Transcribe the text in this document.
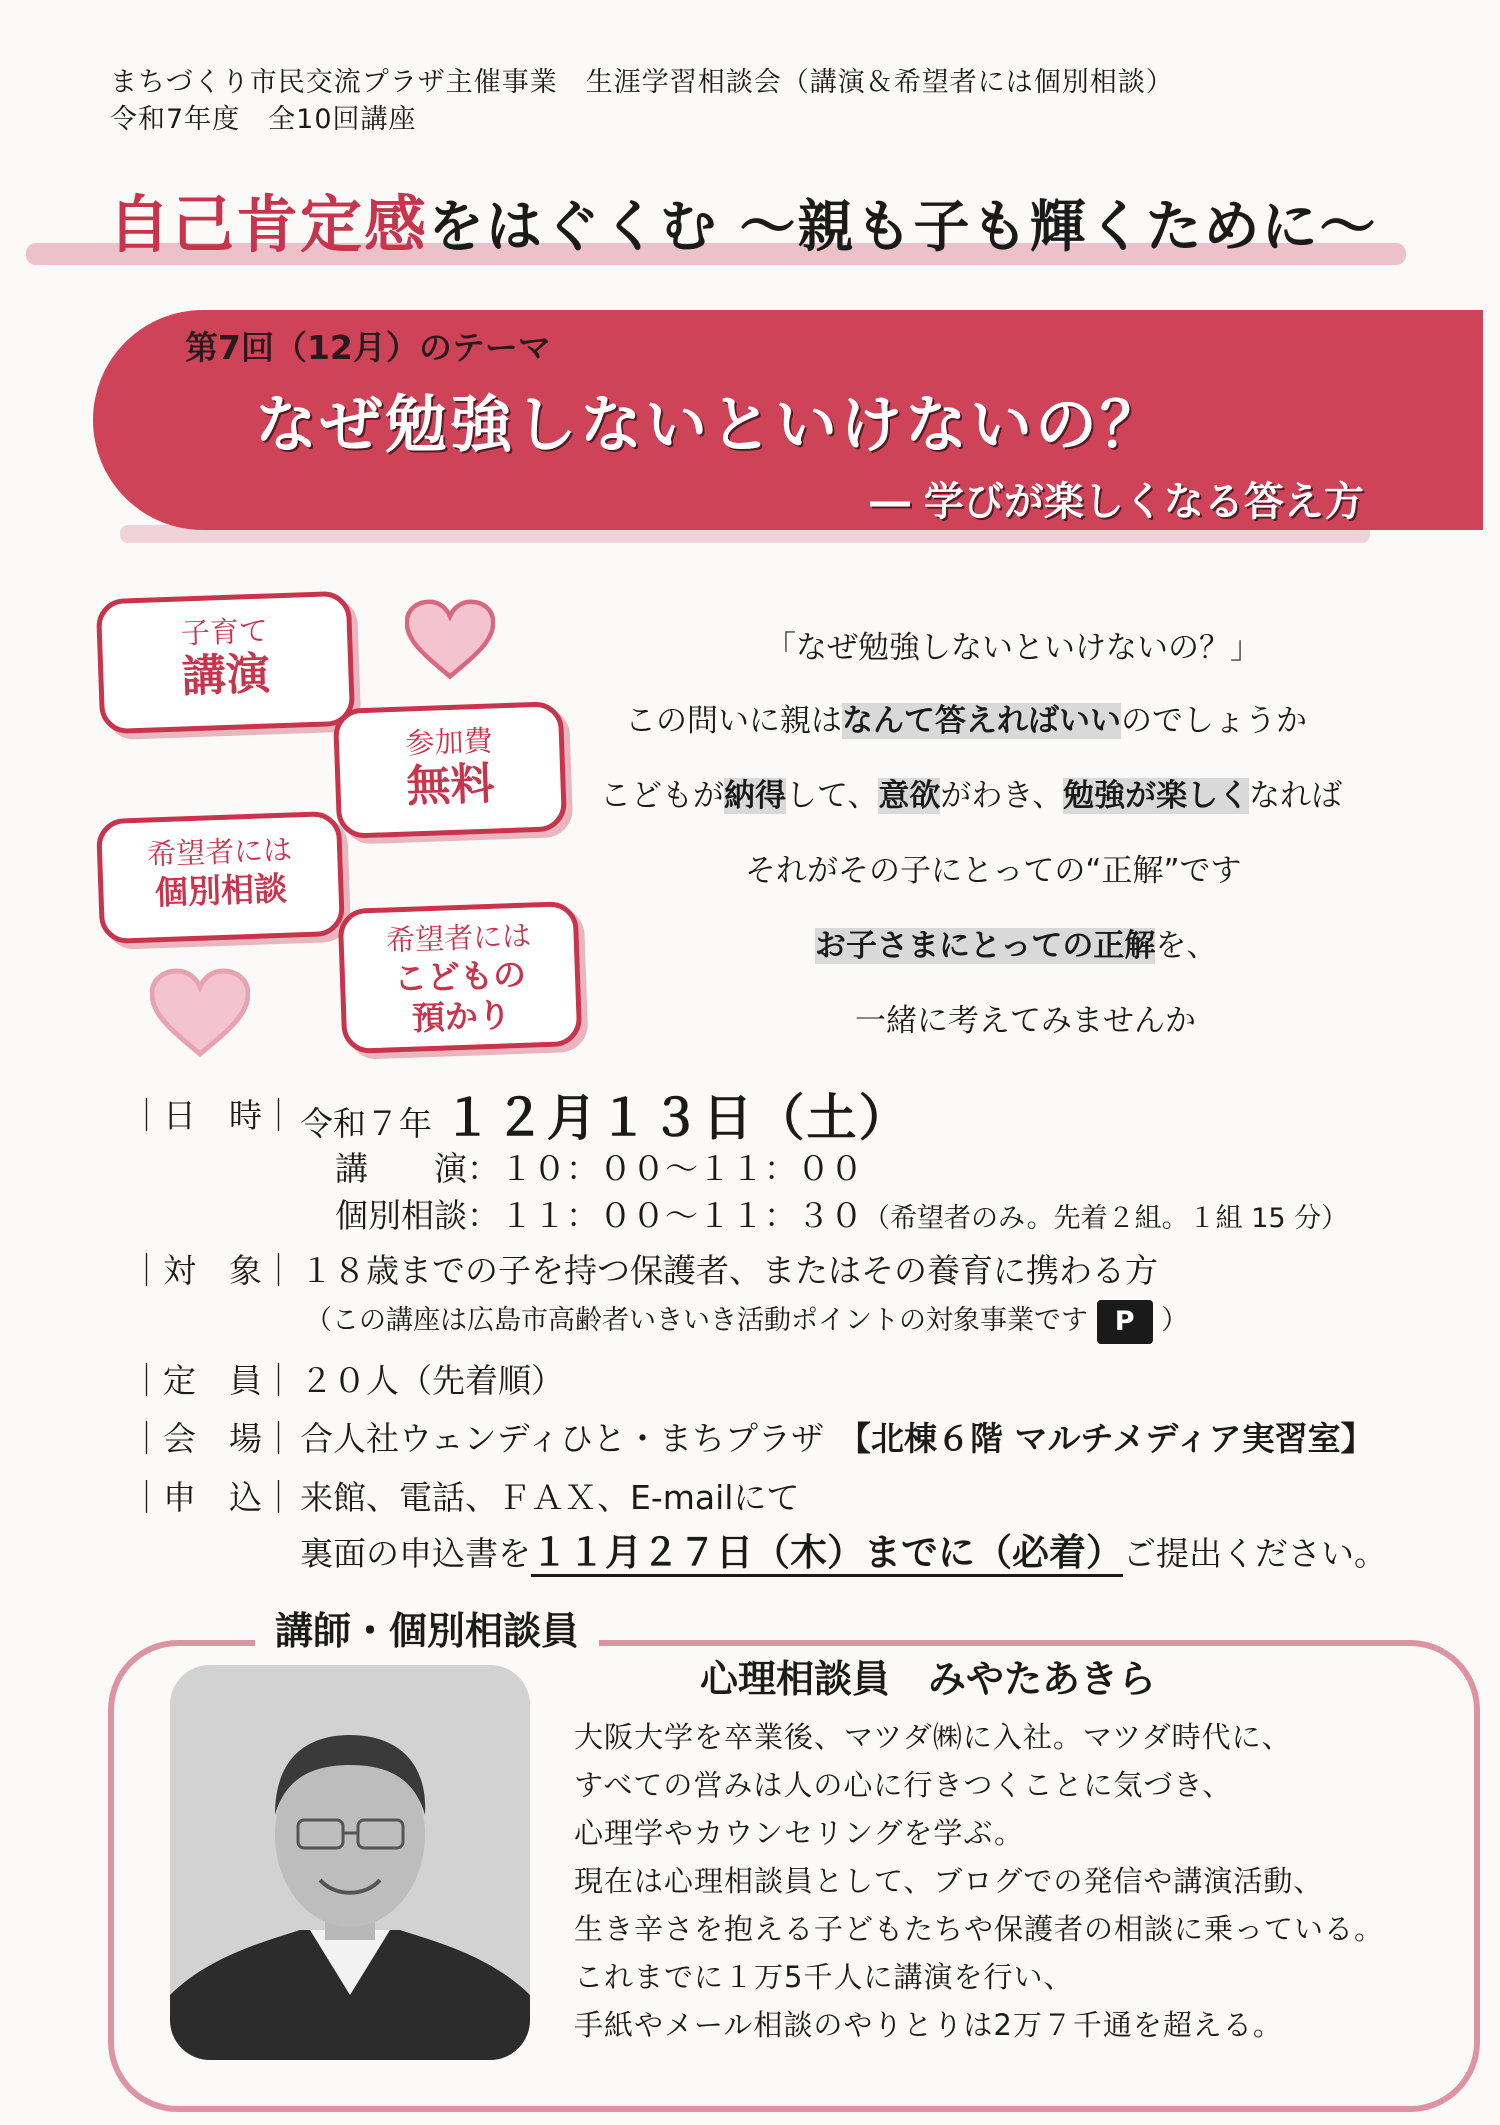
まちづくり市民交流プラザ主催事業　生涯学習相談会（講演＆希望者には個別相談）
令和7年度　全10回講座
自己肯定感をはぐくむ ～親も子も輝くために～
第7回（12月）のテーマ
なぜ勉強しないといけないの？
― 学びが楽しくなる答え方
子育て
講演
参加費
無料
希望者には
個別相談
希望者には
こどもの
預かり
「なぜ勉強しないといけないの？」
この問いに親はなんて答えればいいのでしょうか
こどもが納得して、意欲がわき、勉強が楽しくなれば
それがその子にとっての“正解”です
お子さまにとっての正解を、
一緒に考えてみませんか
｜日　時｜ 令和７年 １２月１３日（土）
講　　演：１０：００～１１：００
個別相談：１１：００～１１：３０（希望者のみ。先着２組。１組 15 分）
｜対　象｜ １８歳までの子を持つ保護者、またはその養育に携わる方
（この講座は広島市高齢者いきいき活動ポイントの対象事業です P ）
｜定　員｜ ２０人（先着順）
｜会　場｜ 合人社ウェンディひと・まちプラザ 【北棟６階 マルチメディア実習室】
｜申　込｜ 来館、電話、ＦＡＸ、E-mailにて
裏面の申込書を１１月２７日（木）までに（必着）ご提出ください。
講師・個別相談員
心理相談員　みやたあきら
大阪大学を卒業後、マツダ㈱に入社。マツダ時代に、
すべての営みは人の心に行きつくことに気づき、
心理学やカウンセリングを学ぶ。
現在は心理相談員として、ブログでの発信や講演活動、
生き辛さを抱える子どもたちや保護者の相談に乗っている。
これまでに１万5千人に講演を行い、
手紙やメール相談のやりとりは2万７千通を超える。
